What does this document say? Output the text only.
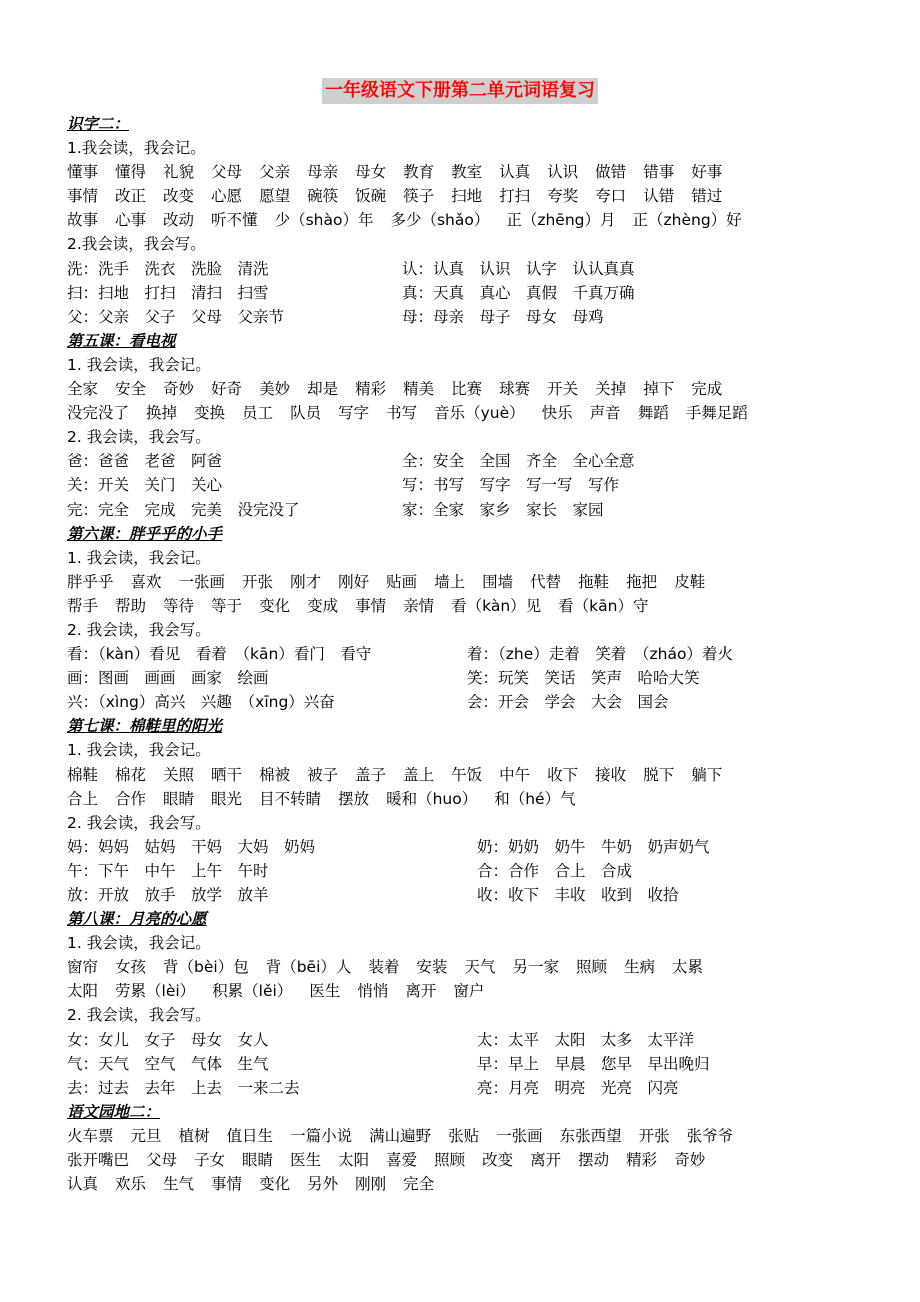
一年级语文下册第二单元词语复习
识字二：
1.我会读，我会记。
懂事 懂得 礼貌 父母 父亲 母亲 母女 教育 教室 认真 认识 做错 错事 好事
事情 改正 改变 心愿 愿望 碗筷 饭碗 筷子 扫地 打扫 夸奖 夸口 认错 错过
故事 心事 改动 听不懂 少（shào）年 多少（shǎo） 正（zhēng）月 正（zhèng）好
2.我会读，我会写。
洗：洗手　洗衣　洗脸　清洗	认：认真　认识　认字　认认真真
扫：扫地　打扫　清扫　扫雪	真：天真　真心　真假　千真万确
父：父亲　父子　父母　父亲节	母：母亲　母子　母女　母鸡
第五课：看电视
1. 我会读，我会记。
全家 安全 奇妙 好奇 美妙 却是 精彩 精美 比赛 球赛 开关 关掉 掉下 完成
没完没了 换掉 变换 员工 队员 写字 书写 音乐（yuè） 快乐 声音 舞蹈 手舞足蹈
2. 我会读，我会写。
爸：爸爸　老爸　阿爸	全：安全　全国　齐全　全心全意
关：开关　关门　关心	写：书写　写字　写一写　写作
完：完全　完成　完美　没完没了	家：全家　家乡　家长　家园
第六课：胖乎乎的小手
1. 我会读，我会记。
胖乎乎 喜欢 一张画 开张 刚才 刚好 贴画 墙上 围墙 代替 拖鞋 拖把 皮鞋
帮手 帮助 等待 等于 变化 变成 事情 亲情 看（kàn）见 看（kān）守
2. 我会读，我会写。
看：（kàn）看见　看着　（kān）看门　看守	着：（zhe）走着　笑着　（zháo）着火
画：图画　画画　画家　绘画	笑：玩笑　笑话　笑声　哈哈大笑
兴：（xìng）高兴　兴趣　（xīng）兴奋	会：开会　学会　大会　国会
第七课：棉鞋里的阳光
1. 我会读，我会记。
棉鞋 棉花 关照 晒干 棉被 被子 盖子 盖上 午饭 中午 收下 接收 脱下 躺下
合上 合作 眼睛 眼光 目不转睛 摆放 暖和（huo） 和（hé）气
2. 我会读，我会写。
妈：妈妈　姑妈　干妈　大妈　奶妈	奶：奶奶　奶牛　牛奶　奶声奶气
午：下午　中午　上午　午时	合：合作　合上　合成
放：开放　放手　放学　放羊	收：收下　丰收　收到　收拾
第八课：月亮的心愿
1. 我会读，我会记。
窗帘 女孩 背（bèi）包 背（bēi）人 装着 安装 天气 另一家 照顾 生病 太累
太阳 劳累（lèi） 积累（lěi） 医生 悄悄 离开 窗户
2. 我会读，我会写。
女：女儿　女子　母女　女人	太：太平　太阳　太多　太平洋
气：天气　空气　气体　生气	早：早上　早晨　您早　早出晚归
去：过去　去年　上去　一来二去	亮：月亮　明亮　光亮　闪亮
语文园地二：
火车票 元旦 植树 值日生 一篇小说 满山遍野 张贴 一张画 东张西望 开张 张爷爷
张开嘴巴 父母 子女 眼睛 医生 太阳 喜爱 照顾 改变 离开 摆动 精彩 奇妙
认真 欢乐 生气 事情 变化 另外 刚刚 完全
